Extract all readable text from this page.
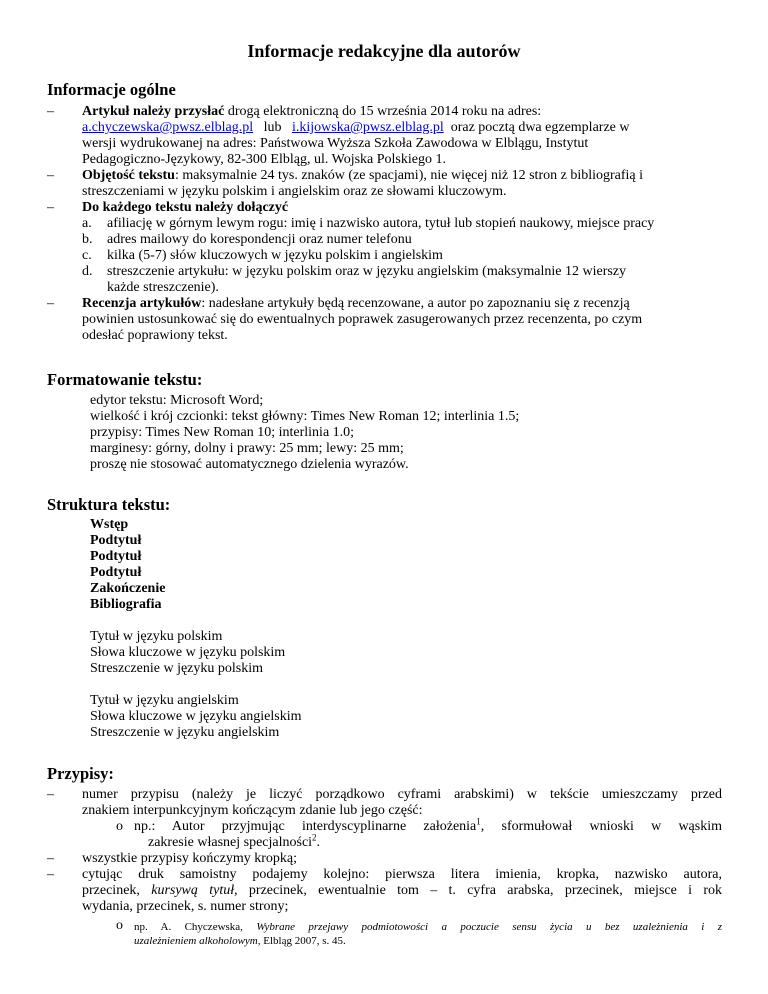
Informacje redakcyjne dla autorów
Informacje ogólne
–	Artykuł należy przysłać drogą elektroniczną do 15 września 2014 roku na adres:
a.chyczewska@pwsz.elblag.pl lub i.kijowska@pwsz.elblag.pl oraz pocztą dwa egzemplarze w
wersji wydrukowanej na adres: Państwowa Wyższa Szkoła Zawodowa w Elblągu, Instytut
Pedagogiczno-Językowy, 82-300 Elbląg, ul. Wojska Polskiego 1.
–	Objętość tekstu: maksymalnie 24 tys. znaków (ze spacjami), nie więcej niż 12 stron z bibliografią i
streszczeniami w języku polskim i angielskim oraz ze słowami kluczowym.
–	Do każdego tekstu należy dołączyć
a. afiliację w górnym lewym rogu: imię i nazwisko autora, tytuł lub stopień naukowy, miejsce pracy
b. adres mailowy do korespondencji oraz numer telefonu
c. kilka (5-7) słów kluczowych w języku polskim i angielskim
d. streszczenie artykułu: w języku polskim oraz w języku angielskim (maksymalnie 12 wierszy
każde streszczenie).
–	Recenzja artykułów: nadesłane artykuły będą recenzowane, a autor po zapoznaniu się z recenzją
powinien ustosunkować się do ewentualnych poprawek zasugerowanych przez recenzenta, po czym
odesłać poprawiony tekst.
Formatowanie tekstu:
edytor tekstu: Microsoft Word;
wielkość i krój czcionki: tekst główny: Times New Roman 12; interlinia 1.5;
przypisy: Times New Roman 10; interlinia 1.0;
marginesy: górny, dolny i prawy: 25 mm; lewy: 25 mm;
proszę nie stosować automatycznego dzielenia wyrazów.
Struktura tekstu:
Wstęp
Podtytuł
Podtytuł
Podtytuł
Zakończenie
Bibliografia
Tytuł w języku polskim
Słowa kluczowe w języku polskim
Streszczenie w języku polskim
Tytuł w języku angielskim
Słowa kluczowe w języku angielskim
Streszczenie w języku angielskim
Przypisy:
–	numer przypisu (należy je liczyć porządkowo cyframi arabskimi) w tekście umieszczamy przed
znakiem interpunkcyjnym kończącym zdanie lub jego część:
o np.: Autor przyjmując interdyscyplinarne założenia$^1$, sformułował wnioski w wąskim
zakresie własnej specjalności$^2$.
–	wszystkie przypisy kończymy kropką;
–	cytując druk samoistny podajemy kolejno: pierwsza litera imienia, kropka, nazwisko autora,
przecinek, kursywą tytuł, przecinek, ewentualnie tom – t. cyfra arabska, przecinek, miejsce i rok
wydania, przecinek, s. numer strony;
o np. A. Chyczewska, Wybrane przejawy podmiotowości a poczucie sensu życia u bez uzależnienia i z
uzależnieniem alkoholowym, Elbląg 2007, s. 45.
